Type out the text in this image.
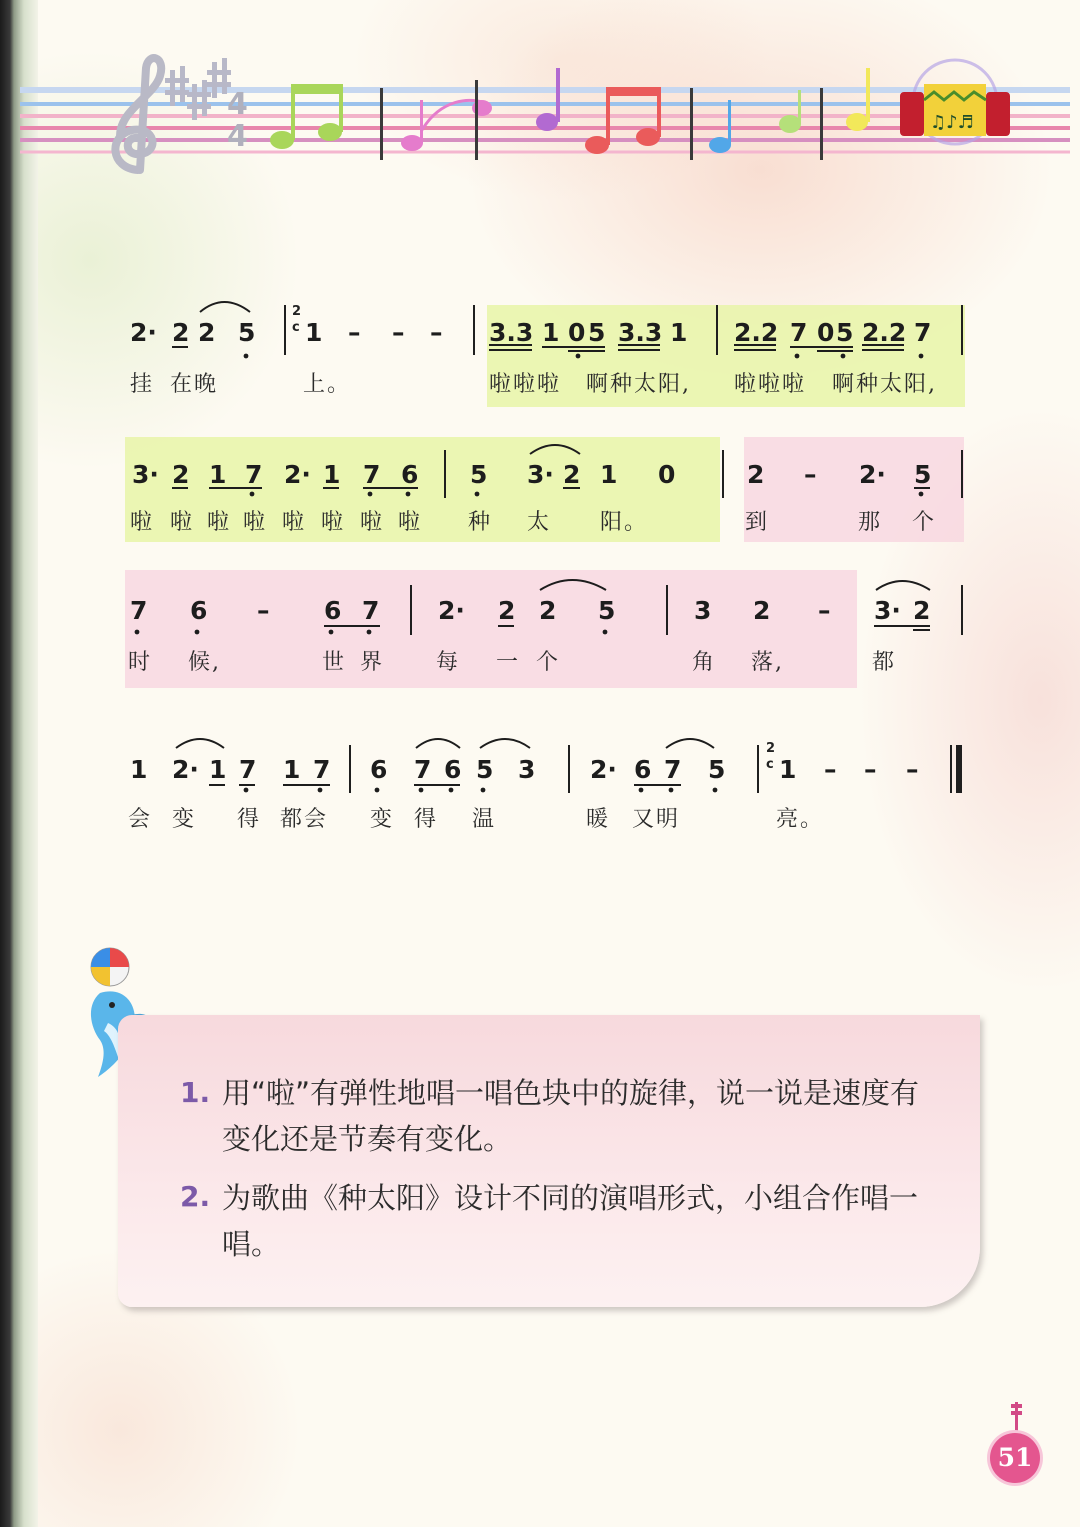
4
4	♫♪♬
2· 2 2 5 1 – – – 3.3 1 0 5 3.3 1 2.2 7 0 5 2.2 7
挂 在晚	上。	啦啦啦 啊种太阳, 啦啦啦 啊种太阳,
3· 2 1 7 2· 1 7 6 5 3· 2 1 0	2 – 2· 5
啦 啦 啦 啦 啦 啦 啦 啦 种 太 阳。	到	那 个
7 6 – 6 7 2· 2 2 5	3 2 – 3· 2
时 候,	世 界 每 一 个	角 落,	都
1 2· 1 7 1 7 6 7 6 5 3 2· 6 7 5 1 – – –
会 变 得 都会 变 得 温	暖 又明	亮。
2
c
2
c
1. 用“啦”有弹性地唱一唱色块中的旋律，说一说是速度有变化还是节奏有变化。
2. 为歌曲《种太阳》设计不同的演唱形式，小组合作唱一唱。
51
